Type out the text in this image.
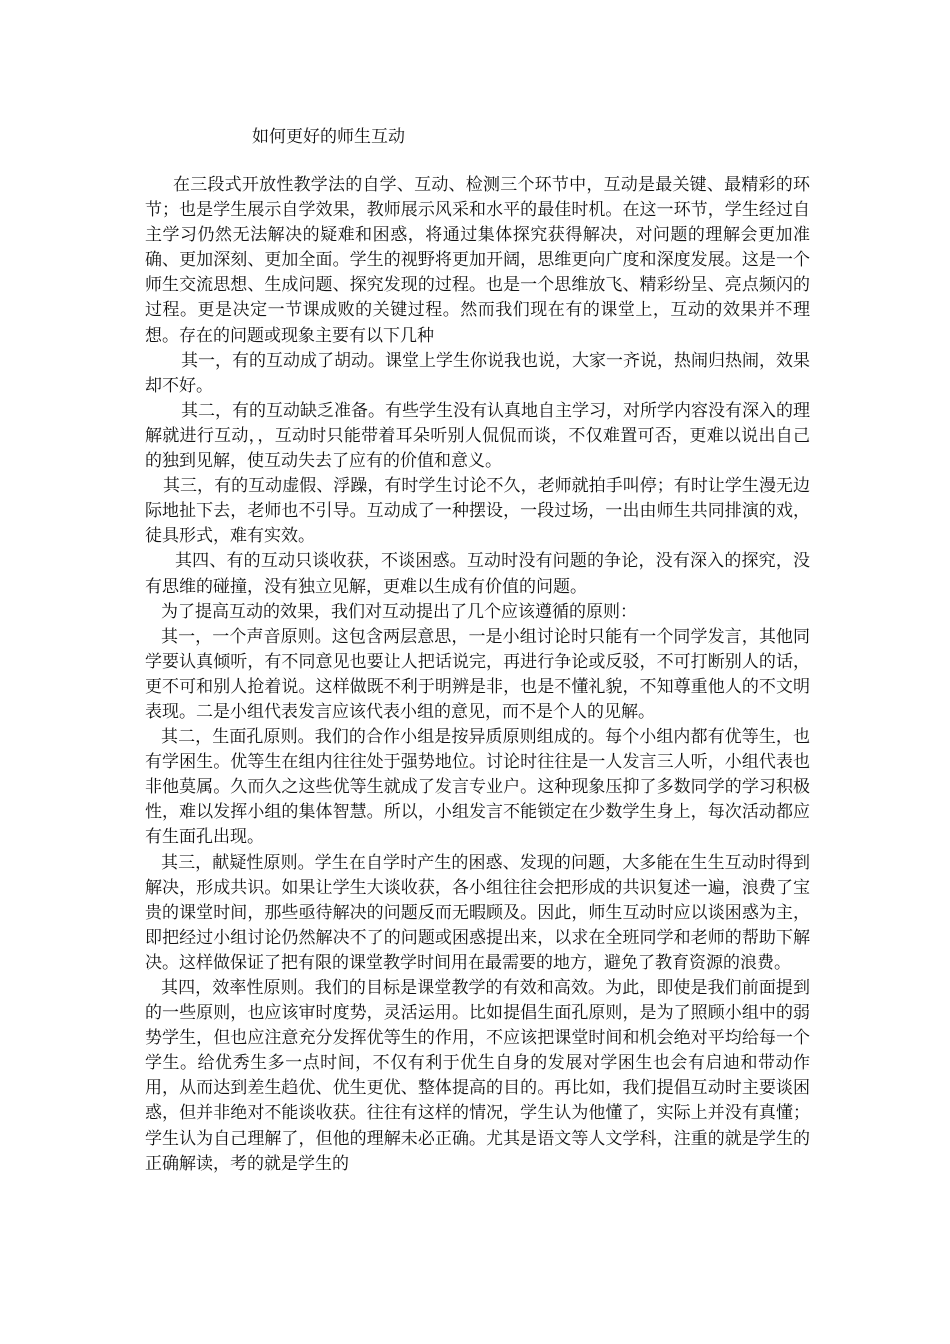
如何更好的师生互动

在三段式开放性教学法的自学、互动、检测三个环节中，互动是最关键、最精彩的环节；也是学生展示自学效果，教师展示风采和水平的最佳时机。在这一环节，学生经过自主学习仍然无法解决的疑难和困惑，将通过集体探究获得解决，对问题的理解会更加准确、更加深刻、更加全面。学生的视野将更加开阔，思维更向广度和深度发展。这是一个师生交流思想、生成问题、探究发现的过程。也是一个思维放飞、精彩纷呈、亮点频闪的过程。更是决定一节课成败的关键过程。然而我们现在有的课堂上，互动的效果并不理想。存在的问题或现象主要有以下几种

其一，有的互动成了胡动。课堂上学生你说我也说，大家一齐说，热闹归热闹，效果却不好。

其二，有的互动缺乏准备。有些学生没有认真地自主学习，对所学内容没有深入的理解就进行互动，，互动时只能带着耳朵听别人侃侃而谈，不仅难置可否，更难以说出自己的独到见解，使互动失去了应有的价值和意义。

其三，有的互动虚假、浮躁，有时学生讨论不久，老师就拍手叫停；有时让学生漫无边际地扯下去，老师也不引导。互动成了一种摆设，一段过场，一出由师生共同排演的戏，徒具形式，难有实效。

其四、有的互动只谈收获，不谈困惑。互动时没有问题的争论，没有深入的探究，没有思维的碰撞，没有独立见解，更难以生成有价值的问题。

为了提高互动的效果，我们对互动提出了几个应该遵循的原则：

其一，一个声音原则。这包含两层意思，一是小组讨论时只能有一个同学发言，其他同学要认真倾听，有不同意见也要让人把话说完，再进行争论或反驳，不可打断别人的话，更不可和别人抢着说。这样做既不利于明辨是非，也是不懂礼貌，不知尊重他人的不文明表现。二是小组代表发言应该代表小组的意见，而不是个人的见解。

其二，生面孔原则。我们的合作小组是按异质原则组成的。每个小组内都有优等生，也有学困生。优等生在组内往往处于强势地位。讨论时往往是一人发言三人听，小组代表也非他莫属。久而久之这些优等生就成了发言专业户。这种现象压抑了多数同学的学习积极性，难以发挥小组的集体智慧。所以，小组发言不能锁定在少数学生身上，每次活动都应有生面孔出现。

其三，献疑性原则。学生在自学时产生的困惑、发现的问题，大多能在生生互动时得到解决，形成共识。如果让学生大谈收获，各小组往往会把形成的共识复述一遍，浪费了宝贵的课堂时间，那些亟待解决的问题反而无暇顾及。因此，师生互动时应以谈困惑为主，即把经过小组讨论仍然解决不了的问题或困惑提出来，以求在全班同学和老师的帮助下解决。这样做保证了把有限的课堂教学时间用在最需要的地方，避免了教育资源的浪费。

其四，效率性原则。我们的目标是课堂教学的有效和高效。为此，即使是我们前面提到的一些原则，也应该审时度势，灵活运用。比如提倡生面孔原则，是为了照顾小组中的弱势学生，但也应注意充分发挥优等生的作用，不应该把课堂时间和机会绝对平均给每一个学生。给优秀生多一点时间，不仅有利于优生自身的发展对学困生也会有启迪和带动作用，从而达到差生趋优、优生更优、整体提高的目的。再比如，我们提倡互动时主要谈困惑，但并非绝对不能谈收获。往往有这样的情况，学生认为他懂了，实际上并没有真懂；学生认为自己理解了，但他的理解未必正确。尤其是语文等人文学科，注重的就是学生的正确解读，考的就是学生的
